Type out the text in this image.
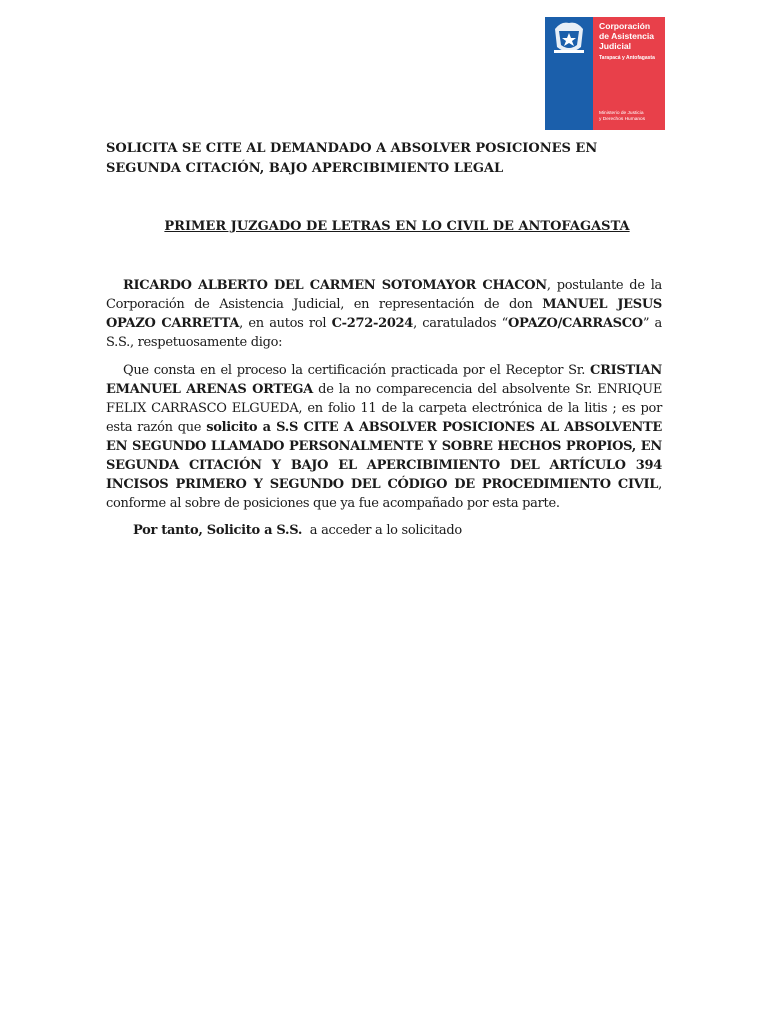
Corporación
de Asistencia
Judicial
Tarapacá y Antofagasta
Ministerio de Justicia
y Derechos Humanos
SOLICITA SE CITE AL DEMANDADO A ABSOLVER POSICIONES EN SEGUNDA CITACIÓN, BAJO APERCIBIMIENTO LEGAL
PRIMER JUZGADO DE LETRAS EN LO CIVIL DE ANTOFAGASTA

RICARDO ALBERTO DEL CARMEN SOTOMAYOR CHACON, postulante de la Corporación de Asistencia Judicial, en representación de don MANUEL JESUS OPAZO CARRETTA, en autos rol C-272-2024, caratulados “OPAZO/CARRASCO” a S.S., respetuosamente digo:

Que consta en el proceso la certificación practicada por el Receptor Sr. CRISTIAN EMANUEL ARENAS ORTEGA de la no comparecencia del absolvente Sr. ENRIQUE FELIX CARRASCO ELGUEDA, en folio 11 de la carpeta electrónica de la litis ; es por esta razón que solicito a S.S CITE A ABSOLVER POSICIONES AL ABSOLVENTE EN SEGUNDO LLAMADO PERSONALMENTE Y SOBRE HECHOS PROPIOS, EN SEGUNDA CITACIÓN Y BAJO EL APERCIBIMIENTO DEL ARTÍCULO 394 INCISOS PRIMERO Y SEGUNDO DEL CÓDIGO DE PROCEDIMIENTO CIVIL, conforme al sobre de posiciones que ya fue acompañado por esta parte.

Por tanto, Solicito a S.S.  a acceder a lo solicitado
